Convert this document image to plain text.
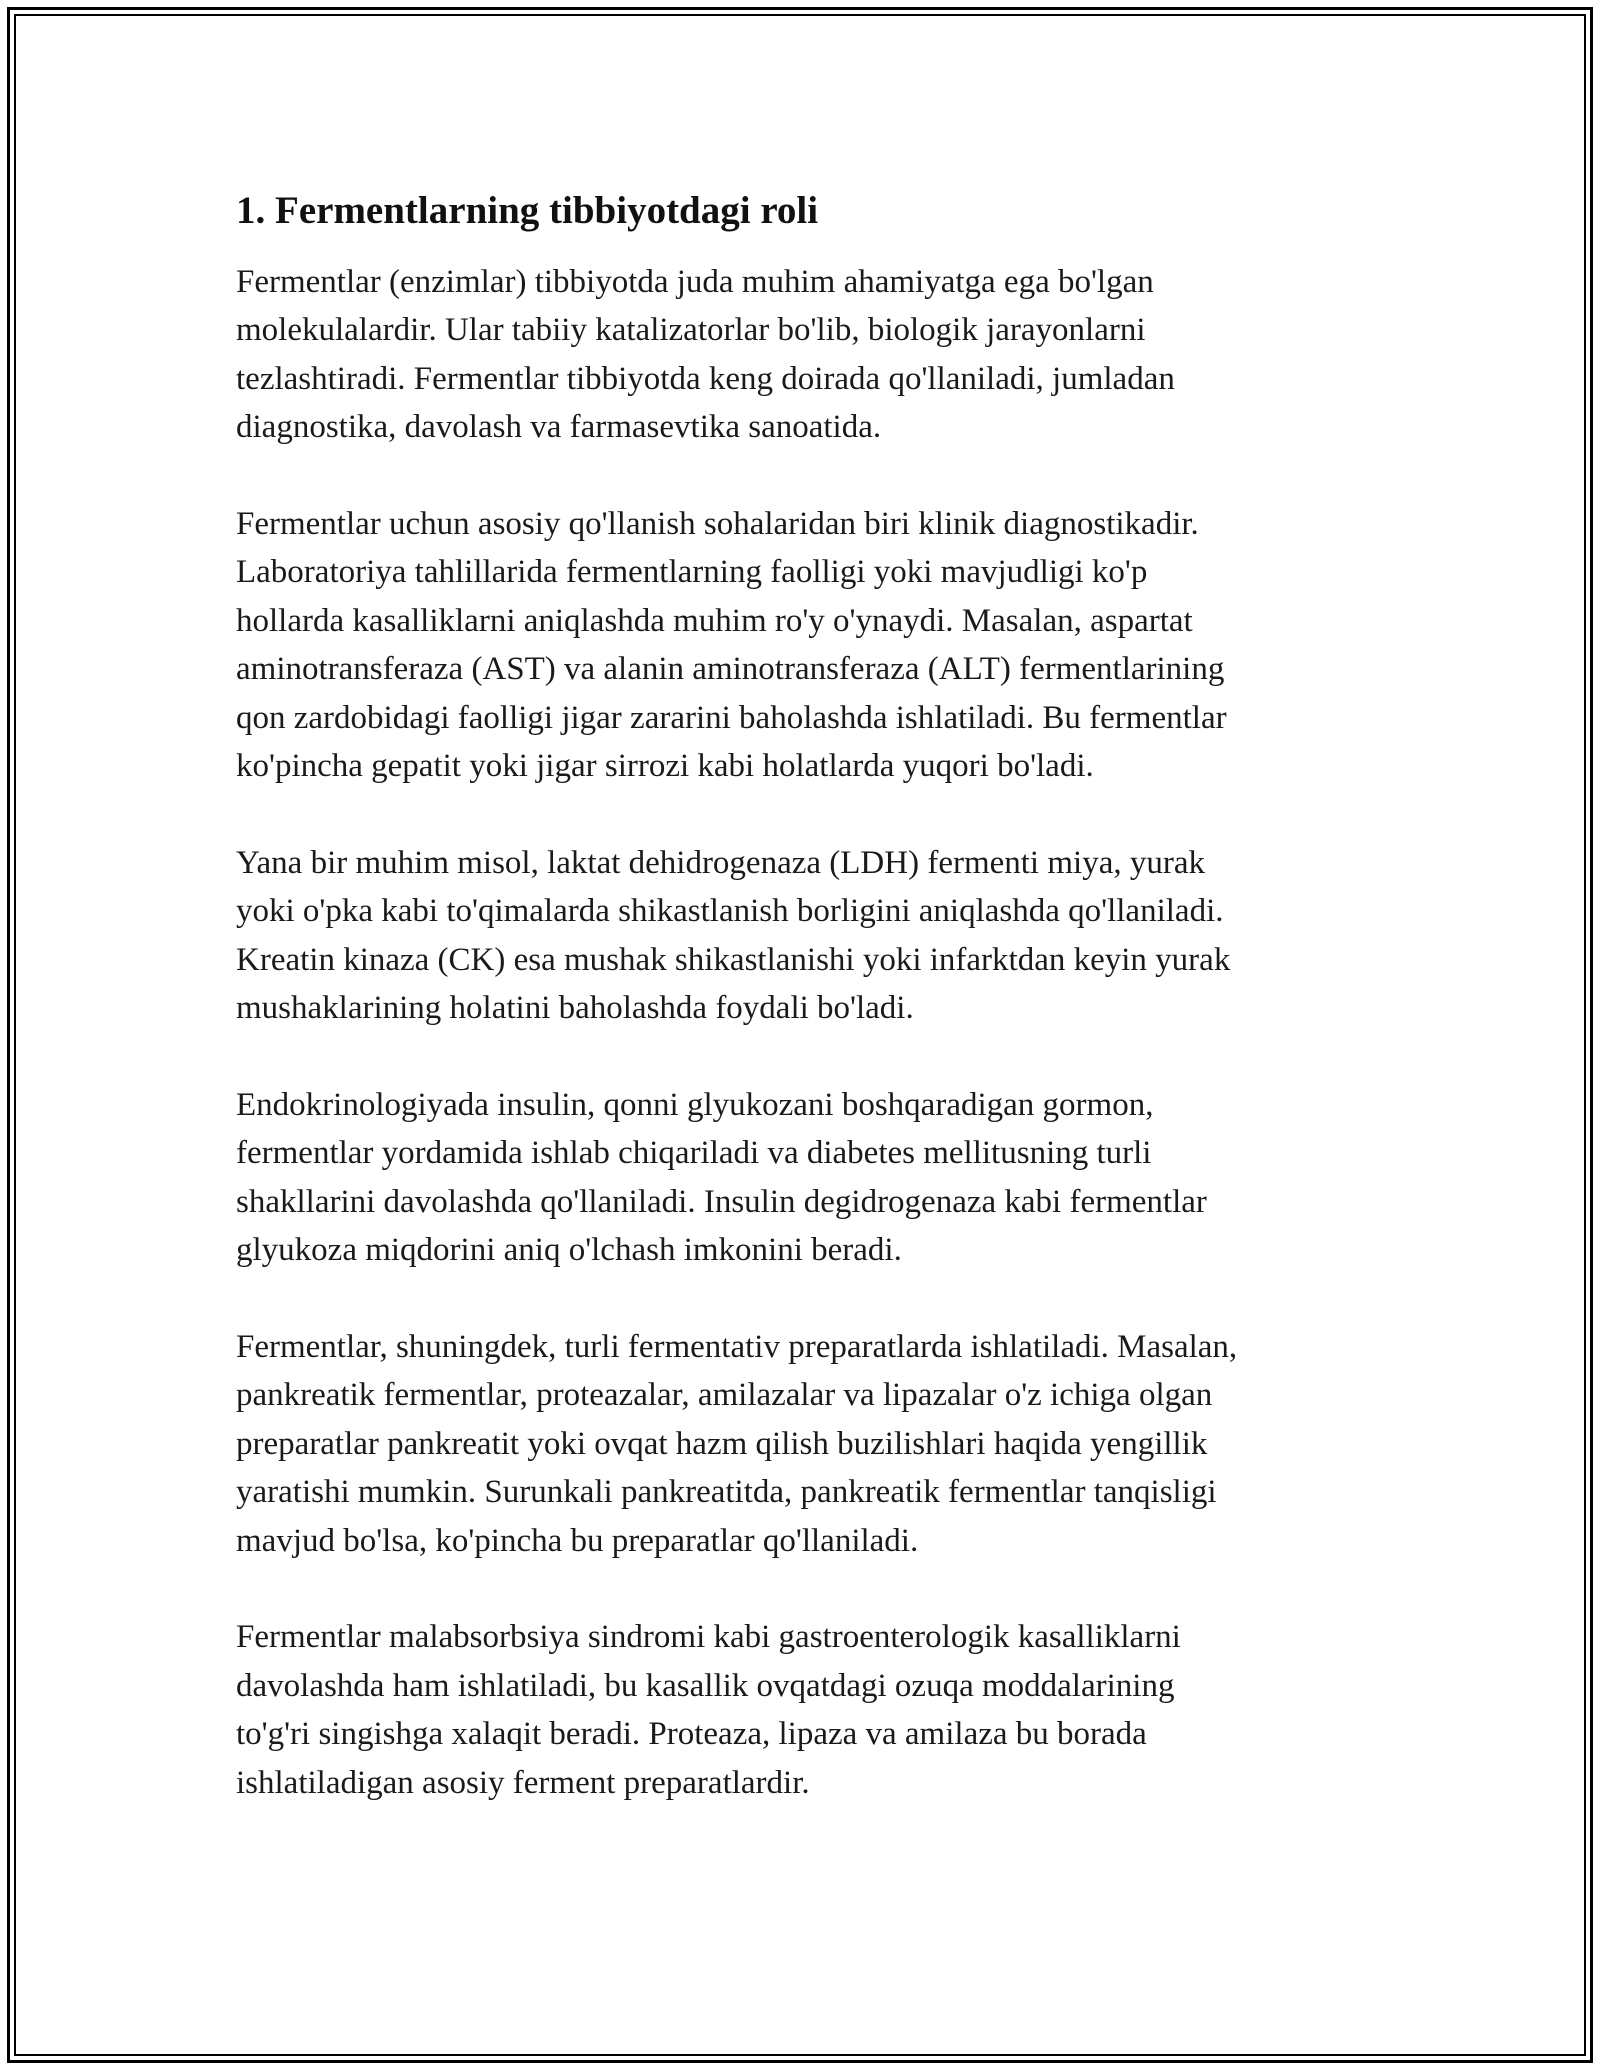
1. Fermentlarning tibbiyotdagi roli

Fermentlar (enzimlar) tibbiyotda juda muhim ahamiyatga ega bo'lgan
molekulalardir. Ular tabiiy katalizatorlar bo'lib, biologik jarayonlarni
tezlashtiradi. Fermentlar tibbiyotda keng doirada qo'llaniladi, jumladan
diagnostika, davolash va farmasevtika sanoatida.

Fermentlar uchun asosiy qo'llanish sohalaridan biri klinik diagnostikadir.
Laboratoriya tahlillarida fermentlarning faolligi yoki mavjudligi ko'p
hollarda kasalliklarni aniqlashda muhim ro'y o'ynaydi. Masalan, aspartat
aminotransferaza (AST) va alanin aminotransferaza (ALT) fermentlarining
qon zardobidagi faolligi jigar zararini baholashda ishlatiladi. Bu fermentlar
ko'pincha gepatit yoki jigar sirrozi kabi holatlarda yuqori bo'ladi.

Yana bir muhim misol, laktat dehidrogenaza (LDH) fermenti miya, yurak
yoki o'pka kabi to'qimalarda shikastlanish borligini aniqlashda qo'llaniladi.
Kreatin kinaza (CK) esa mushak shikastlanishi yoki infarktdan keyin yurak
mushaklarining holatini baholashda foydali bo'ladi.

Endokrinologiyada insulin, qonni glyukozani boshqaradigan gormon,
fermentlar yordamida ishlab chiqariladi va diabetes mellitusning turli
shakllarini davolashda qo'llaniladi. Insulin degidrogenaza kabi fermentlar
glyukoza miqdorini aniq o'lchash imkonini beradi.

Fermentlar, shuningdek, turli fermentativ preparatlarda ishlatiladi. Masalan,
pankreatik fermentlar, proteazalar, amilazalar va lipazalar o'z ichiga olgan
preparatlar pankreatit yoki ovqat hazm qilish buzilishlari haqida yengillik
yaratishi mumkin. Surunkali pankreatitda, pankreatik fermentlar tanqisligi
mavjud bo'lsa, ko'pincha bu preparatlar qo'llaniladi.

Fermentlar malabsorbsiya sindromi kabi gastroenterologik kasalliklarni
davolashda ham ishlatiladi, bu kasallik ovqatdagi ozuqa moddalarining
to'g'ri singishga xalaqit beradi. Proteaza, lipaza va amilaza bu borada
ishlatiladigan asosiy ferment preparatlardir.
